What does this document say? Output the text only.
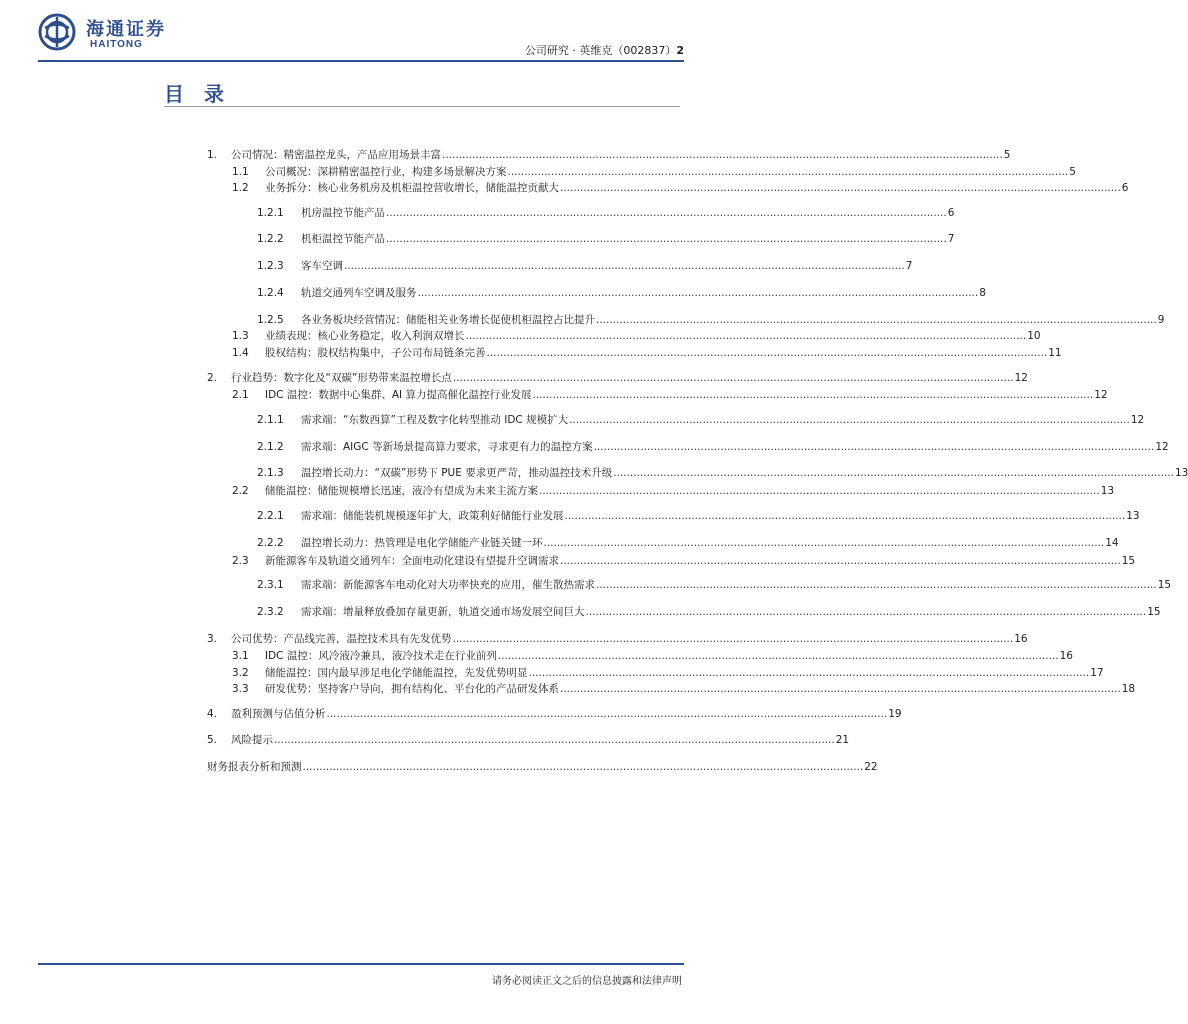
海通证券
HAITONG	公司研究 · 英维克（002837）2
目录
1.	公司情况：精密温控龙头，产品应用场景丰富 ........................................................................................................................................................................ 5
1.1	公司概况：深耕精密温控行业，构建多场景解决方案 ........................................................................................................................................................................ 5
1.2	业务拆分：核心业务机房及机柜温控营收增长，储能温控贡献大 ........................................................................................................................................................................ 6
1.2.1	机房温控节能产品 ........................................................................................................................................................................ 6
1.2.2	机柜温控节能产品 ........................................................................................................................................................................ 7
1.2.3	客车空调 ........................................................................................................................................................................ 7
1.2.4	轨道交通列车空调及服务 ........................................................................................................................................................................ 8
1.2.5	各业务板块经营情况：储能相关业务增长促使机柜温控占比提升 ........................................................................................................................................................................ 9
1.3	业绩表现：核心业务稳定，收入利润双增长 ........................................................................................................................................................................ 10
1.4	股权结构：股权结构集中，子公司布局链条完善 ........................................................................................................................................................................ 11
2.	行业趋势：数字化及“双碳”形势带来温控增长点 ........................................................................................................................................................................ 12
2.1	IDC 温控：数据中心集群、AI 算力提高催化温控行业发展 ........................................................................................................................................................................ 12
2.1.1	需求端：“东数西算”工程及数字化转型推动 IDC 规模扩大 ........................................................................................................................................................................ 12
2.1.2	需求端：AIGC 等新场景提高算力要求，寻求更有力的温控方案 ........................................................................................................................................................................ 12
2.1.3	温控增长动力：“双碳”形势下 PUE 要求更严苛，推动温控技术升级 ........................................................................................................................................................................ 13
2.2	储能温控：储能规模增长迅速，液冷有望成为未来主流方案 ........................................................................................................................................................................ 13
2.2.1	需求端：储能装机规模逐年扩大，政策利好储能行业发展 ........................................................................................................................................................................ 13
2.2.2	温控增长动力：热管理是电化学储能产业链关键一环 ........................................................................................................................................................................ 14
2.3	新能源客车及轨道交通列车：全面电动化建设有望提升空调需求 ........................................................................................................................................................................ 15
2.3.1	需求端：新能源客车电动化对大功率快充的应用，催生散热需求 ........................................................................................................................................................................ 15
2.3.2	需求端：增量释放叠加存量更新，轨道交通市场发展空间巨大 ........................................................................................................................................................................ 15
3.	公司优势：产品线完善，温控技术具有先发优势 ........................................................................................................................................................................ 16
3.1	IDC 温控：风冷液冷兼具，液冷技术走在行业前列 ........................................................................................................................................................................ 16
3.2	储能温控：国内最早涉足电化学储能温控，先发优势明显 ........................................................................................................................................................................ 17
3.3	研发优势：坚持客户导向，拥有结构化、平台化的产品研发体系 ........................................................................................................................................................................ 18
4.	盈利预测与估值分析 ........................................................................................................................................................................ 19
5.	风险提示 ........................................................................................................................................................................ 21
财务报表分析和预测 ........................................................................................................................................................................ 22
请务必阅读正文之后的信息披露和法律声明
